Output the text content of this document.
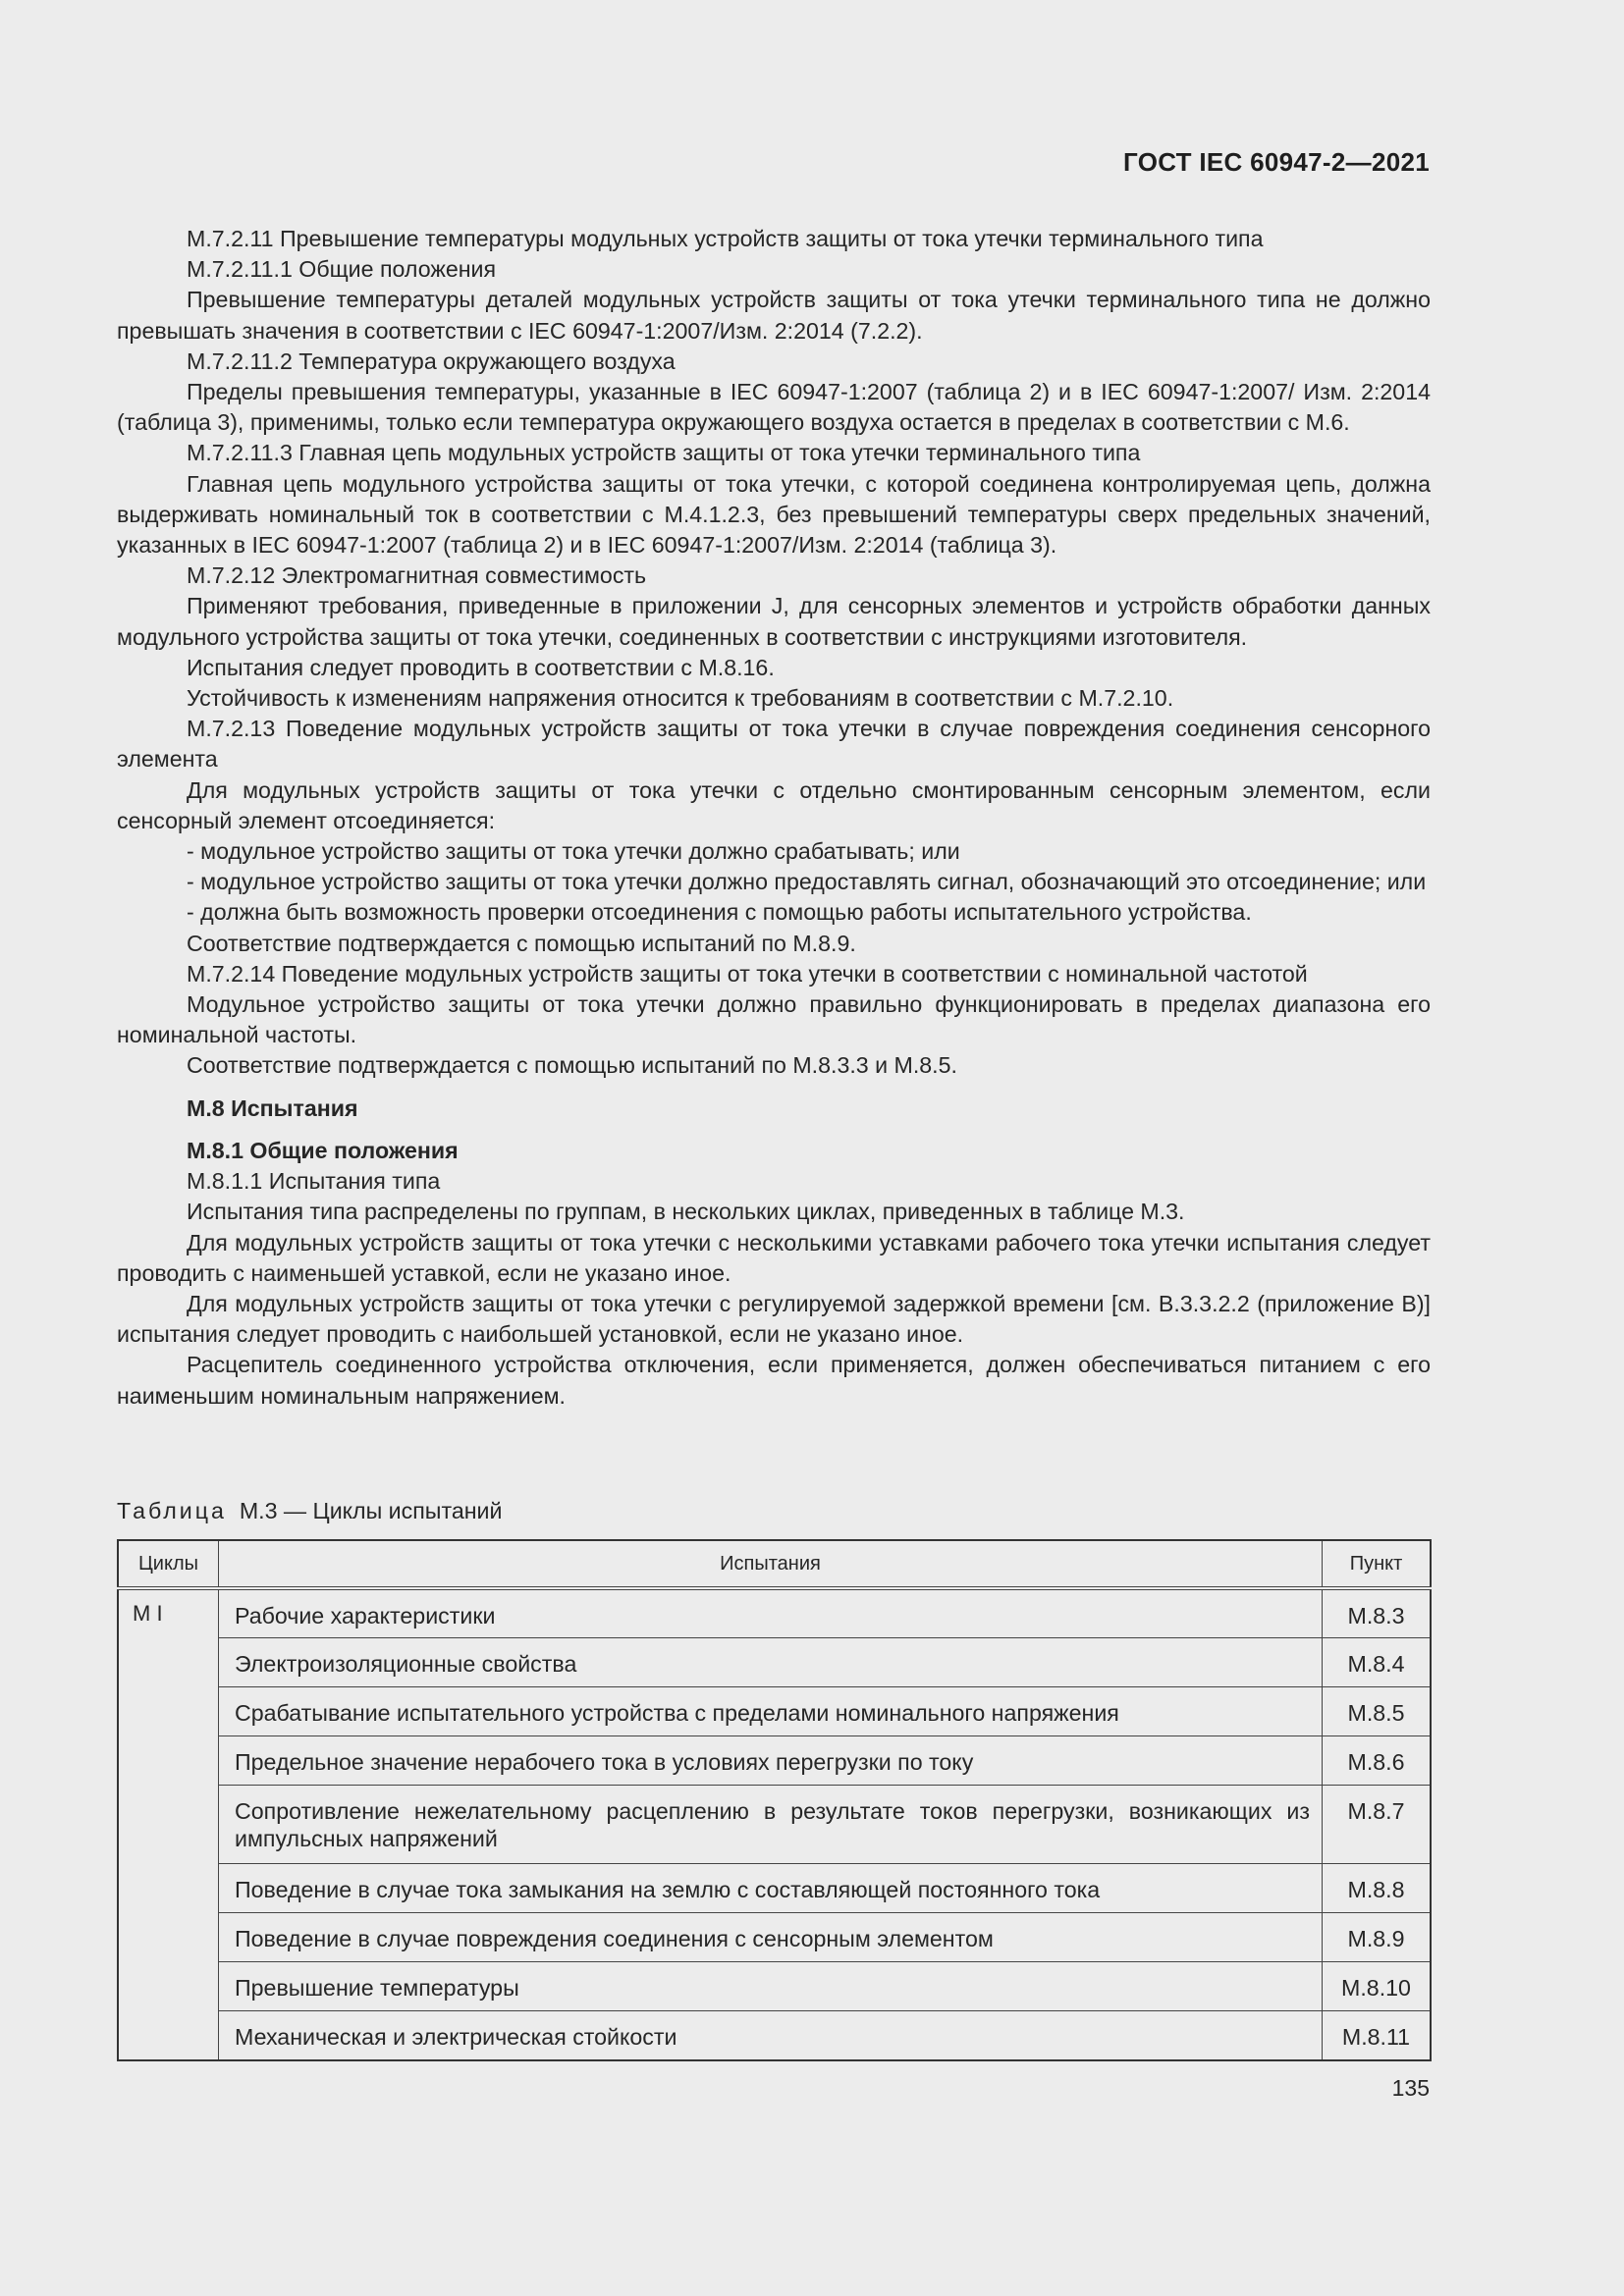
ГОСТ IEC 60947-2—2021

М.7.2.11 Превышение температуры модульных устройств защиты от тока утечки терминального типа

М.7.2.11.1 Общие положения

Превышение температуры деталей модульных устройств защиты от тока утечки терминального типа не должно превышать значения в соответствии с IEC 60947-1:2007/Изм. 2:2014 (7.2.2).

М.7.2.11.2 Температура окружающего воздуха

Пределы превышения температуры, указанные в IEC 60947-1:2007 (таблица 2) и в IEC 60947-1:2007/ Изм. 2:2014 (таблица 3), применимы, только если температура окружающего воздуха остается в пределах в соответствии с М.6.

М.7.2.11.3 Главная цепь модульных устройств защиты от тока утечки терминального типа

Главная цепь модульного устройства защиты от тока утечки, с которой соединена контролируемая цепь, должна выдерживать номинальный ток в соответствии с М.4.1.2.3, без превышений температуры сверх предельных значений, указанных в IEC 60947-1:2007 (таблица 2) и в IEC 60947-1:2007/Изм. 2:2014 (таблица 3).

М.7.2.12 Электромагнитная совместимость

Применяют требования, приведенные в приложении J, для сенсорных элементов и устройств обработки данных модульного устройства защиты от тока утечки, соединенных в соответствии с инструкциями изготовителя.

Испытания следует проводить в соответствии с М.8.16.

Устойчивость к изменениям напряжения относится к требованиям в соответствии с М.7.2.10.

М.7.2.13 Поведение модульных устройств защиты от тока утечки в случае повреждения соединения сенсорного элемента

Для модульных устройств защиты от тока утечки с отдельно смонтированным сенсорным элементом, если сенсорный элемент отсоединяется:

- модульное устройство защиты от тока утечки должно срабатывать; или

- модульное устройство защиты от тока утечки должно предоставлять сигнал, обозначающий это отсоединение; или

- должна быть возможность проверки отсоединения с помощью работы испытательного устройства.

Соответствие подтверждается с помощью испытаний по М.8.9.

М.7.2.14 Поведение модульных устройств защиты от тока утечки в соответствии с номинальной частотой

Модульное устройство защиты от тока утечки должно правильно функционировать в пределах диапазона его номинальной частоты.

Соответствие подтверждается с помощью испытаний по М.8.3.3 и М.8.5.

М.8 Испытания

М.8.1 Общие положения

М.8.1.1 Испытания типа

Испытания типа распределены по группам, в нескольких циклах, приведенных в таблице М.3.

Для модульных устройств защиты от тока утечки с несколькими уставками рабочего тока утечки испытания следует проводить с наименьшей уставкой, если не указано иное.

Для модульных устройств защиты от тока утечки с регулируемой задержкой времени [см. B.3.3.2.2 (приложение В)] испытания следует проводить с наибольшей установкой, если не указано иное.

Расцепитель соединенного устройства отключения, если применяется, должен обеспечиваться питанием с его наименьшим номинальным напряжением.

Таблица М.3 — Циклы испытаний
Циклы	Испытания	Пункт
М I	Рабочие характеристики	М.8.3
	Электроизоляционные свойства	М.8.4
	Срабатывание испытательного устройства с пределами номинального напряжения	М.8.5
	Предельное значение нерабочего тока в условиях перегрузки по току	М.8.6
	Сопротивление нежелательному расцеплению в результате токов перегрузки, возникающих из импульсных напряжений	М.8.7
	Поведение в случае тока замыкания на землю с составляющей постоянного тока	М.8.8
	Поведение в случае повреждения соединения с сенсорным элементом	М.8.9
	Превышение температуры	М.8.10
	Механическая и электрическая стойкости	М.8.11
135
